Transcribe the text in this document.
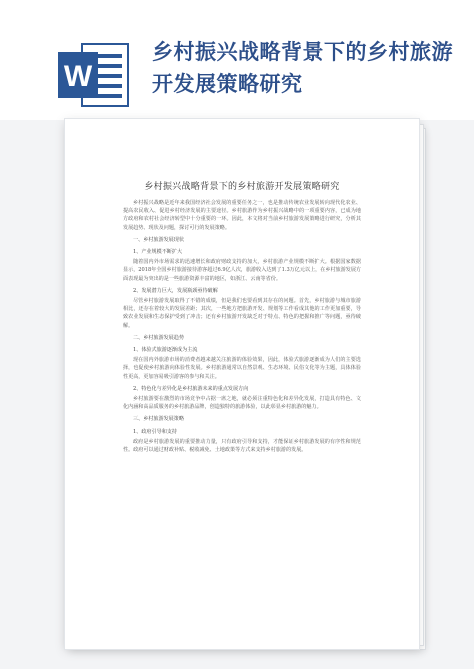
W
乡村振兴战略背景下的乡村旅游开发展策略研究
乡村振兴战略背景下的乡村旅游开发展策略研究
乡村振兴战略是近年来我国经济社会发展的重要任务之一，也是推动传统农业发展转向现代化农业、提高农民收入、促进乡村经济发展的主要途径。乡村旅游作为乡村振兴战略中的一项重要内容，已成为地方政府和农村社会经济转型中十分重要的一环。因此，本文将对当前乡村旅游发展策略进行研究，分析其发展趋势、现状及问题，探讨可行的发展策略。
一、乡村旅游发展现状
1、产业规模不断扩大
随着国内外市场需求的迅速增长和政府财政支持的加大，乡村旅游产业规模不断扩大。根据国家数据显示，2018年全国乡村旅游接待游客超过6.9亿人次，旅游收入达到了1.3万亿元以上，在乡村旅游发展方面表现最为突出的是一些旅游资源丰富的地区，如浙江、云南等省份。
2、发展潜力巨大，发展瓶颈亟待破解
尽管乡村旅游发展取得了不错的成绩，但是我们也要看到其存在的问题。首先，乡村旅游与城市旅游相比，还存在着较大的发展差距；其次，一些地方把旅游开发、规划等工作看成其他的工作更加重要，导致农业发展和生态保护受到了冲击；还有乡村旅游开发缺乏对于特点、特色的把握和推广等问题，亟待破解。
二、乡村旅游发展趋势
1、体验式旅游逐渐成为主流
现在国内外旅游市场的消费者越来越关注旅游的体验效果，因此，体验式旅游逐渐成为人们的主要选择，也促使乡村旅游向体验性发展。乡村旅游通常以自然景观、生态环境、民俗文化等为主题，具体体验性更高，更加容易吸引游客的参与和关注。
2、特色化与差异化是乡村旅游未来的重点发展方向
乡村旅游要在激烈的市场竞争中占据一席之地，就必须注重特色化和差异化发展，打造具有特色、文化内涵和高品质服务的乡村旅游品牌，创造独特的旅游体验，以此彰显乡村旅游的魅力。
三、乡村旅游发展策略
1、政府引导和支持
政府是乡村旅游发展的重要推动力量，只有政府引导和支持，才能保证乡村旅游发展的有序性和规范性。政府可以通过财政补贴、税收减免、土地政策等方式来支持乡村旅游的发展。
